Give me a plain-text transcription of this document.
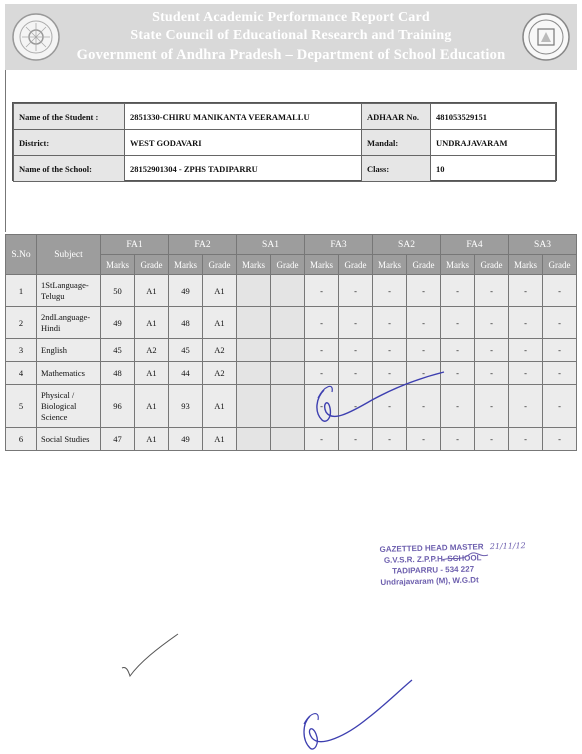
Student Academic Performance Report Card
State Council of Educational Research and Training
Government of Andhra Pradesh – Department of School Education
Name of the Student :	2851330-CHIRU MANIKANTA VEERAMALLU	ADHAAR No.	481053529151
District:	WEST GODAVARI	Mandal:	UNDRAJAVARAM
Name of the School:	28152901304 - ZPHS TADIPARRU	Class:	10
S.No	Subject	FA1		FA2		SA1		FA3		SA2		FA4		SA3	
		Marks	Grade	Marks	Grade	Marks	Grade	Marks	Grade	Marks	Grade	Marks	Grade	Marks	Grade
1	1StLanguage-
Telugu	50	A1	49	A1			-	-	-	-	-	-	-	-
2	2ndLanguage-
Hindi	49	A1	48	A1			-	-	-	-	-	-	-	-
3	English	45	A2	45	A2			-	-	-	-	-	-	-	-
4	Mathematics	48	A1	44	A2			-	-	-	-	-	-	-	-
5	Physical /
Biological
Science	96	A1	93	A1			-	-	-	-	-	-	-	-
6	Social Studies	47	A1	49	A1			-	-	-	-	-	-	-	-
GAZETTED HEAD MASTER 21/11/12
G.V.S.R. Z.P.P.H. SCHOOL
TADIPARRU - 534 227
Undrajavaram (M), W.G.Dt
